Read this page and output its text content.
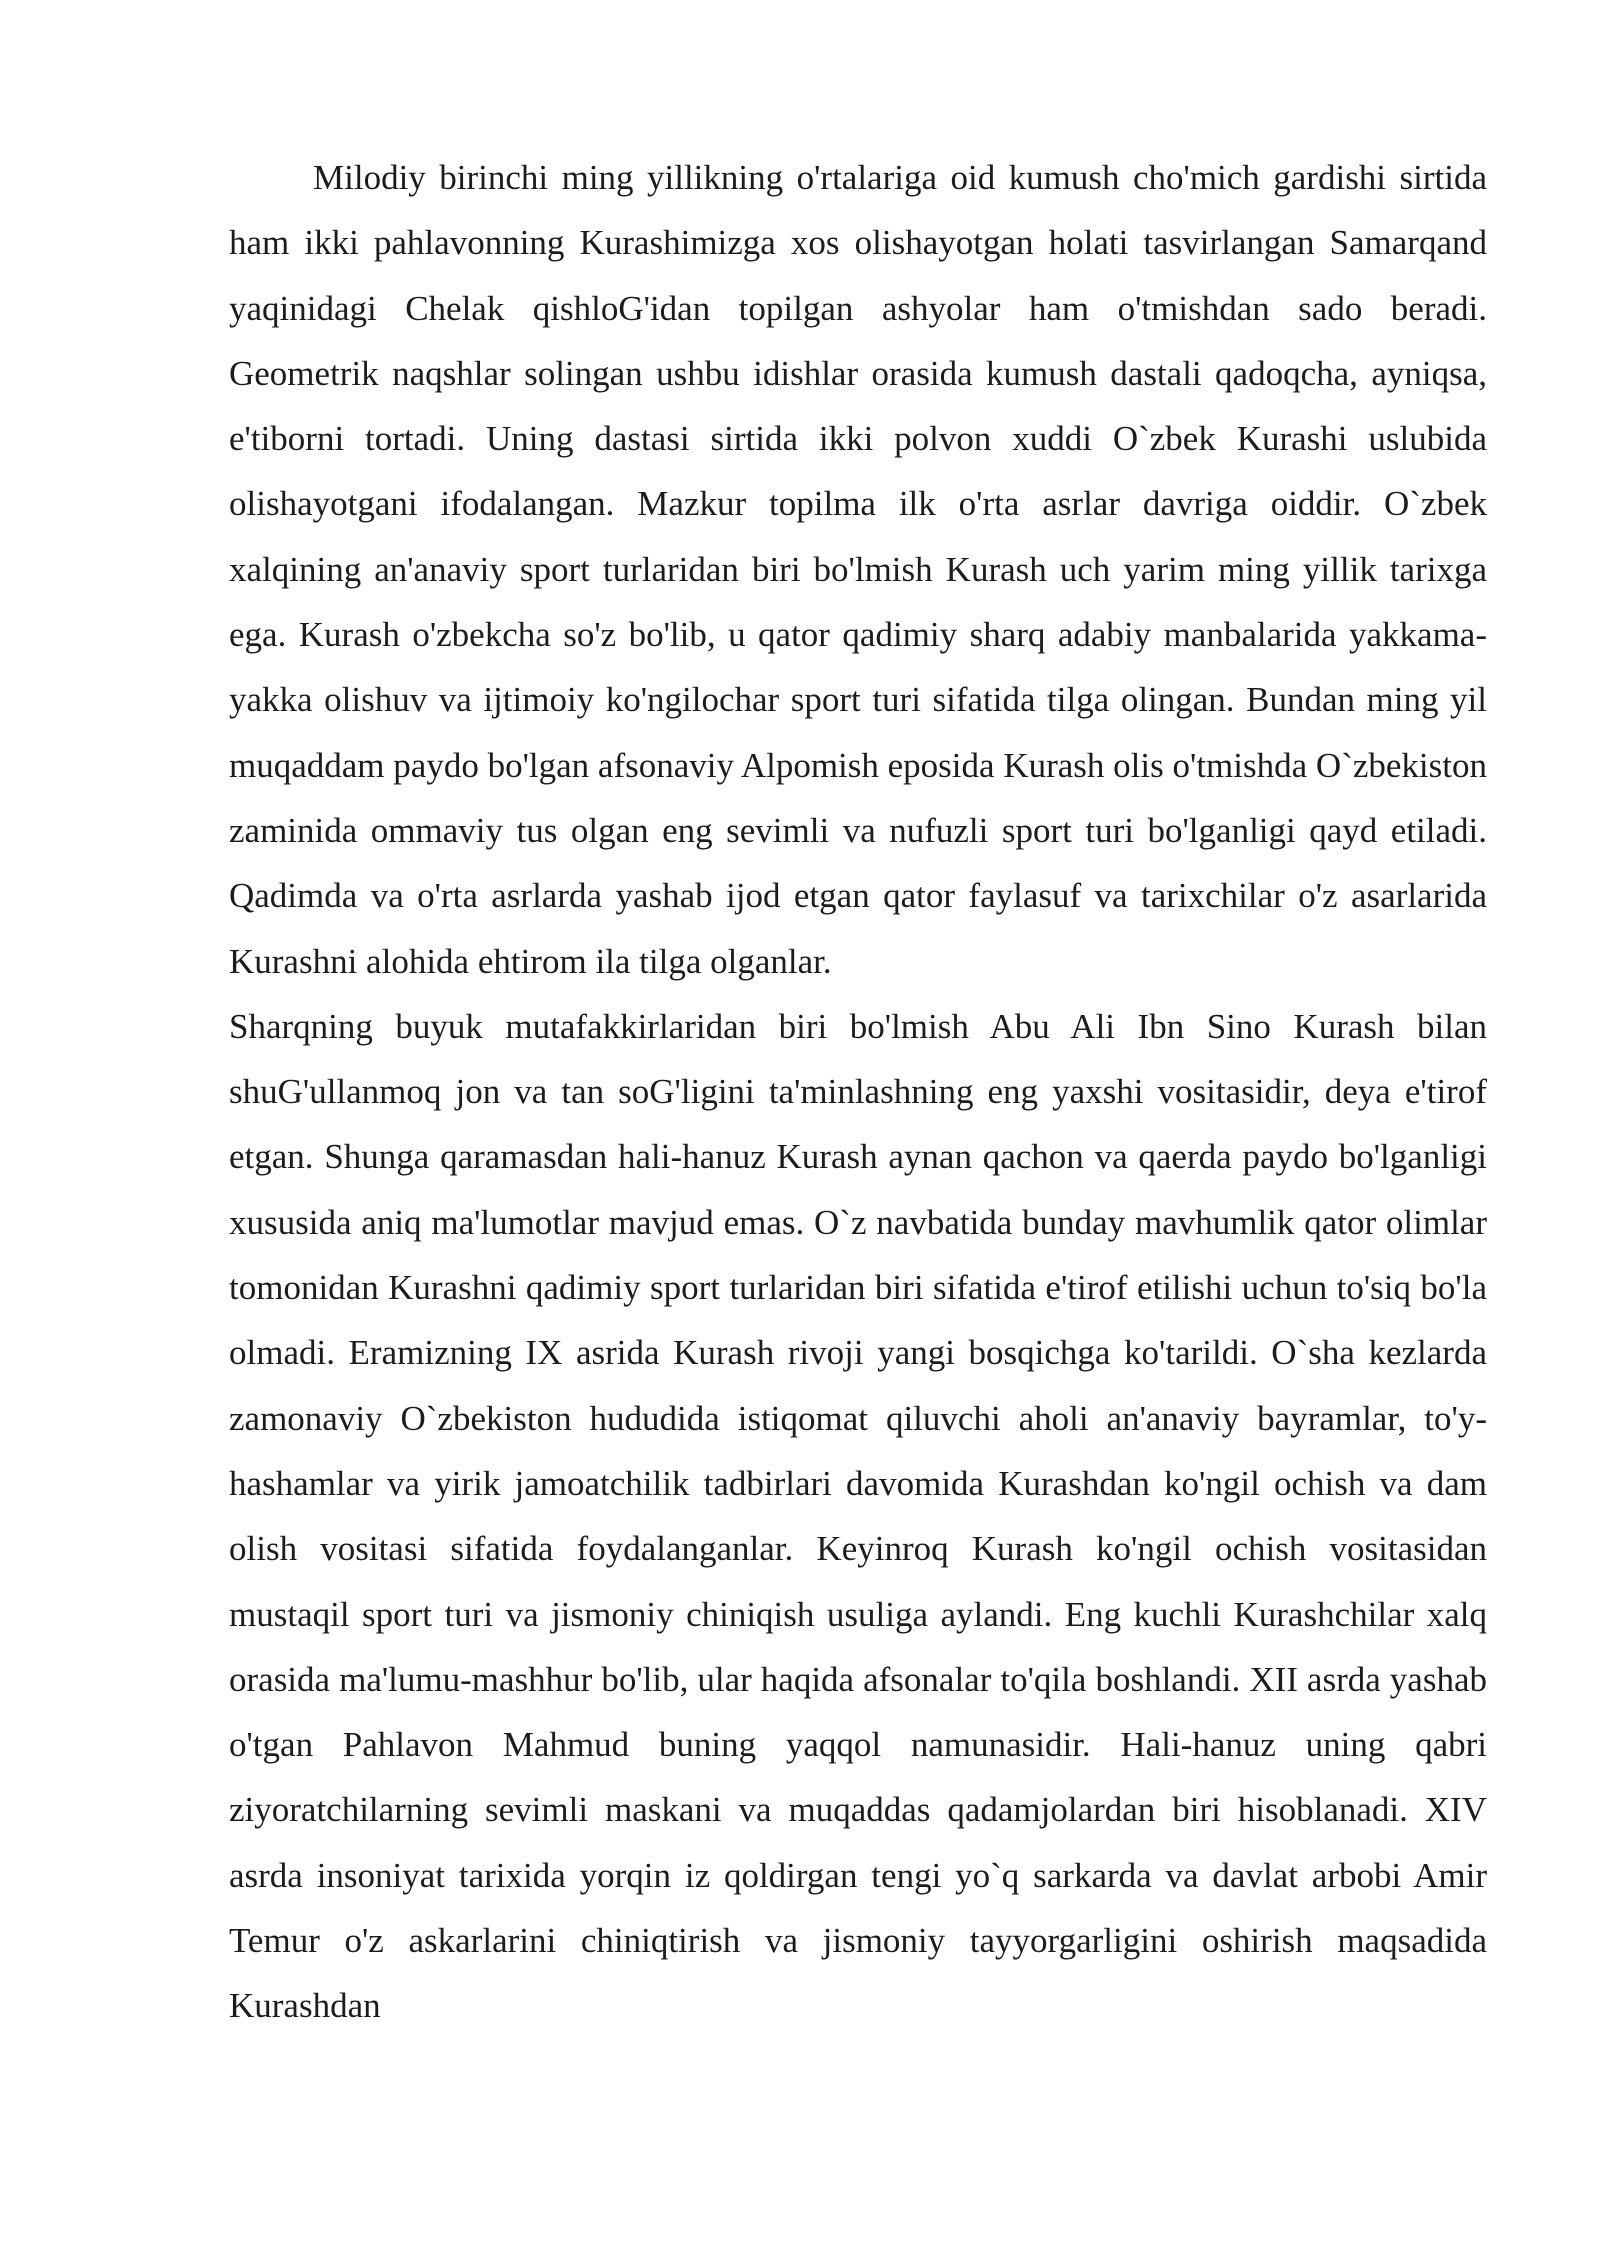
Milodiy birinchi ming yillikning o'rtalariga oid kumush cho'mich gardishi sirtida ham ikki pahlavonning Kurashimizga xos olishayotgan holati tasvirlangan Samarqand yaqinidagi Chelak qishloG'idan topilgan ashyolar ham o'tmishdan sado beradi. Geometrik naqshlar solingan ushbu idishlar orasida kumush dastali qadoqcha, ayniqsa, e'tiborni tortadi. Uning dastasi sirtida ikki polvon xuddi O`zbek Kurashi uslubida olishayotgani ifodalangan. Mazkur topilma ilk o'rta asrlar davriga oiddir. O`zbek xalqining an'anaviy sport turlaridan biri bo'lmish Kurash uch yarim ming yillik tarixga ega. Kurash o'zbekcha so'z bo'lib, u qator qadimiy sharq adabiy manbalarida yakkama-yakka olishuv va ijtimoiy ko'ngilochar sport turi sifatida tilga olingan. Bundan ming yil muqaddam paydo bo'lgan afsonaviy Alpomish eposida Kurash olis o'tmishda O`zbekiston zaminida ommaviy tus olgan eng sevimli va nufuzli sport turi bo'lganligi qayd etiladi. Qadimda va o'rta asrlarda yashab ijod etgan qator faylasuf va tarixchilar o'z asarlarida Kurashni alohida ehtirom ila tilga olganlar.

Sharqning buyuk mutafakkirlaridan biri bo'lmish Abu Ali Ibn Sino Kurash bilan shuG'ullanmoq jon va tan soG'ligini ta'minlashning eng yaxshi vositasidir, deya e'tirof etgan. Shunga qaramasdan hali-hanuz Kurash aynan qachon va qaerda paydo bo'lganligi xususida aniq ma'lumotlar mavjud emas. O`z navbatida bunday mavhumlik qator olimlar tomonidan Kurashni qadimiy sport turlaridan biri sifatida e'tirof etilishi uchun to'siq bo'la olmadi. Eramizning IX asrida Kurash rivoji yangi bosqichga ko'tarildi. O`sha kezlarda zamonaviy O`zbekiston hududida istiqomat qiluvchi aholi an'anaviy bayramlar, to'y-hashamlar va yirik jamoatchilik tadbirlari davomida Kurashdan ko'ngil ochish va dam olish vositasi sifatida foydalanganlar. Keyinroq Kurash ko'ngil ochish vositasidan mustaqil sport turi va jismoniy chiniqish usuliga aylandi. Eng kuchli Kurashchilar xalq orasida ma'lumu-mashhur bo'lib, ular haqida afsonalar to'qila boshlandi. XII asrda yashab o'tgan Pahlavon Mahmud buning yaqqol namunasidir. Hali-hanuz uning qabri ziyoratchilarning sevimli maskani va muqaddas qadamjolardan biri hisoblanadi. XIV asrda insoniyat tarixida yorqin iz qoldirgan tengi yo`q sarkarda va davlat arbobi Amir Temur o'z askarlarini chiniqtirish va jismoniy tayyorgarligini oshirish maqsadida Kurashdan
